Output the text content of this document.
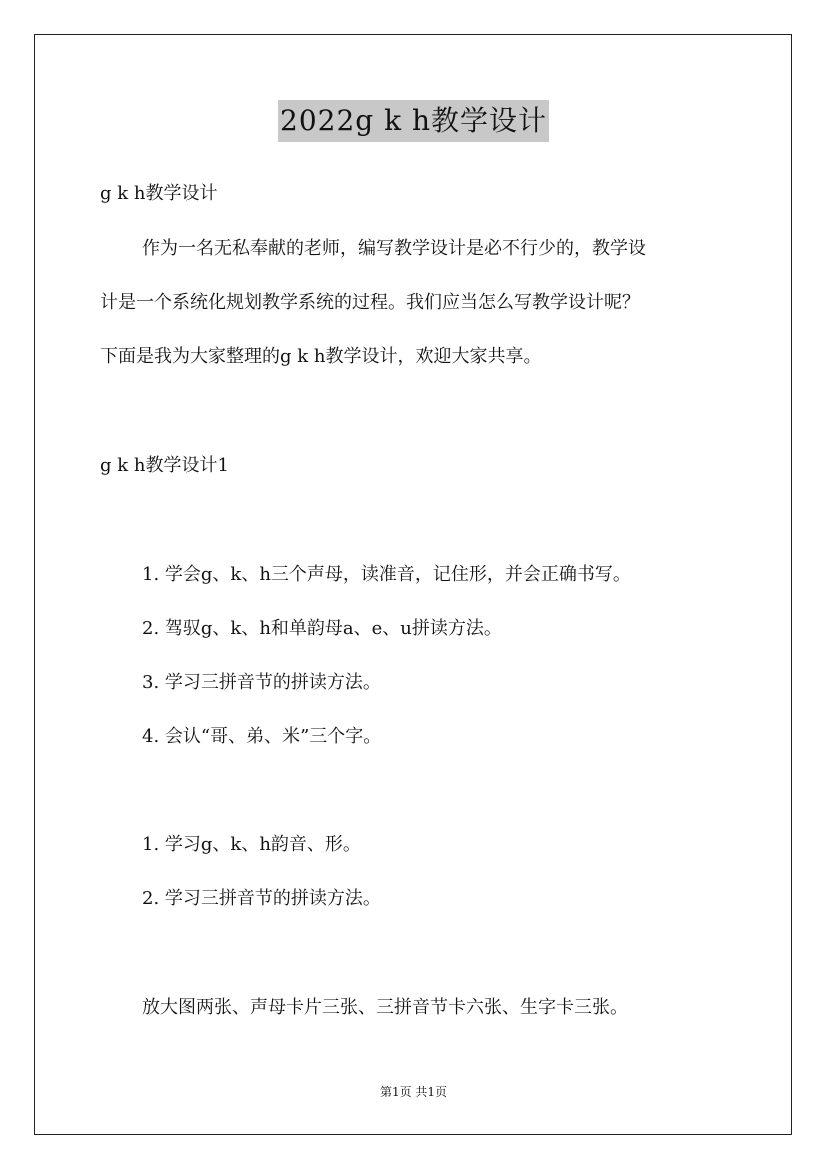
2022g k h教学设计
g k h教学设计
作为一名无私奉献的老师，编写教学设计是必不行少的，教学设
计是一个系统化规划教学系统的过程。我们应当怎么写教学设计呢？
下面是我为大家整理的g k h教学设计，欢迎大家共享。
g k h教学设计1
1. 学会g、k、h三个声母，读准音，记住形，并会正确书写。
2. 驾驭g、k、h和单韵母a、e、u拼读方法。
3. 学习三拼音节的拼读方法。
4. 会认“哥、弟、米”三个字。
1. 学习g、k、h韵音、形。
2. 学习三拼音节的拼读方法。
放大图两张、声母卡片三张、三拼音节卡六张、生字卡三张。
第1页 共1页
